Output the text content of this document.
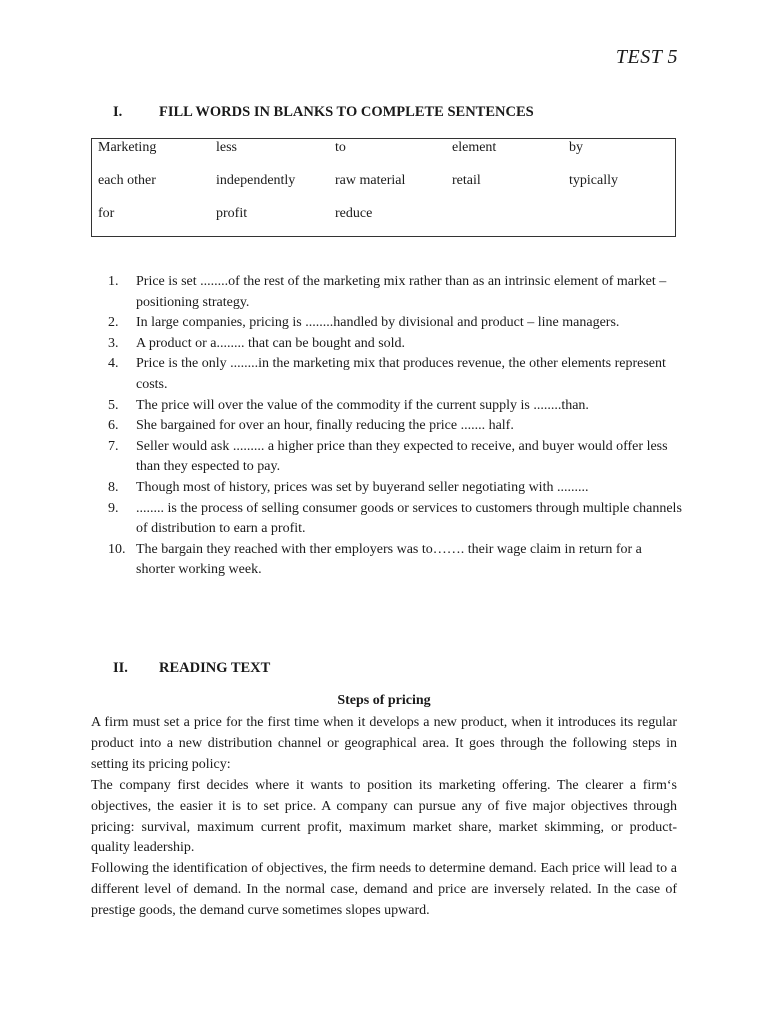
TEST 5
I.	FILL WORDS IN BLANKS TO COMPLETE SENTENCES
Marketing	less	to	element	by
each other	independently	raw material	retail	typically
for	profit	reduce
1.	Price is set ........of the rest of the marketing mix rather than as an intrinsic element of market – positioning strategy.
2.	In large companies, pricing is ........handled by divisional and product – line managers.
3.	A product or a........ that can be bought and sold.
4.	Price is the only ........in the marketing mix that produces revenue, the other elements represent costs.
5.	The price will over the value of the commodity if the current supply is ........than.
6.	She bargained for over an hour, finally reducing the price ....... half.
7.	Seller would ask ......... a higher price than they expected to receive, and buyer would offer less than they espected to pay.
8.	Though most of history, prices was set by buyerand seller negotiating with .........
9.	........ is the process of selling consumer goods or services to customers through multiple channels of distribution to earn a profit.
10. The bargain they reached with ther employers was to……. their wage claim in return for a shorter working week.
II.	READING TEXT
Steps of pricing

A firm must set a price for the first time when it develops a new product, when it introduces its regular product into a new distribution channel or geographical area. It goes through the following steps in setting its pricing policy:

The company first decides where it wants to position its marketing offering. The clearer a firm‘s objectives, the easier it is to set price. A company can pursue any of five major objectives through pricing: survival, maximum current profit, maximum market share, market skimming, or product-quality leadership.

Following the identification of objectives, the firm needs to determine demand. Each price will lead to a different level of demand. In the normal case, demand and price are inversely related. In the case of prestige goods, the demand curve sometimes slopes upward.
